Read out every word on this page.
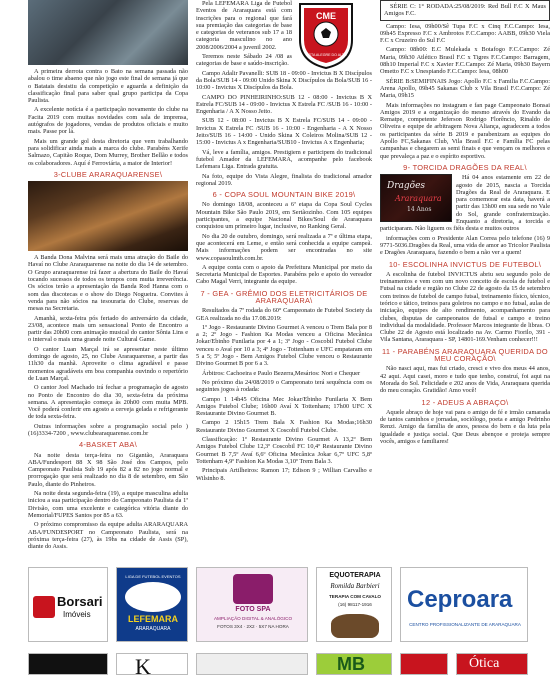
A primeira derrota contra o Bato na semana passada não abalou o time abaeno que não jogo este final de semana já que o Batatais desistiu da competição e aguarda a definição da classificação final para saber qual grupo participa da Copa Paulista.

A excelente notícia é a participação novamente do clube na Facita 2019 com muitas novidades com sala de imprensa, autógrafos de jogadores, vendas de produtos oficiais e muito mais. Passe por lá.

Mais um grande gol desta diretoria que vem trabalhando para solidificar ainda mais a marca do clube. Parabéns Xerife Salmazo, Capitão Roque, Dom Murrey, Brother Bellão e todos os colaboradores. Aquí é Ferroviária, a maior de Interior!

3-CLUBE ARARAQUARENSE\

A Banda Dona Malvina será mais uma atração do Baile do Havaí no Clube Araraquarense na noite do dia 14 de setembro. O Grupo araraquarense irá fazer a abertura do Baile do Havaí tocando sucessos de todos os tempos com muita irreverência. Os sócios terão a apresentação da Banda Rod Hanna com o som das discotecas e o show do Diego Nogueira. Convites à venda para não sócios na tesouraria do Clube, reservas de mesas na Secretaria.

Amanhã, sexta-feira pós feriado do aniversário da cidade, 23/08, acontece mais um sensacional Ponto de Encontro a partir das 20h00 com animação musical do cantor Sônia Lins e o interval o mais uma grande noite Cultural Game.

O cantor Luan Marçal irá se apresentar neste último domingo de agosto, 25, no Clube Araraquarense, a partir das 11h30 da manhã. Aproveite o clima agradável e passe momentos agradáveis em boa companhia ouvindo o repertório de Luan Marçal.

O cantor Joel Machado irá fechar a programação de agosto no Ponto de Encontro do dia 30, sexta-feira da próxima semana. A apresentação começa às 20h00 com muita MPB. Você poderá conferir em agosto a cerveja gelada e refrigerante de toda sexta-feira.

Outras informações sobre a programação social pelo )(16)3334-7200 , www.clubearaquarense.com.br

4-BASKET ABA\

Na noite desta terça-feira no Gigantão, Araraquara ABA/Fundesport 88 X 98 São José dos Campos, pelo Campeonato Paulista Sub 19 após 82 a 82 no jogo normal e prorrogação que será realizado no dia 8 de setembro, em São Paulo, diante do Pinheiros.

Na noite desta segunda-feira (19), a equipe masculina adulta iniciou a sua participação dentro do Campeonato Paulista da 1ª Divisão, com uma excelente e categórica vitória diante do Memorial/FUPES Santos por 85 a 63.

O próximo compromisso da equipe adulta ARARAQUARA ABA/FUNDESPORT no Campeonato Paulista, será na próxima terça-feira (27), às 19hs na cidade de Assis (SP), diante do Assis.

Pela LEFEMARA Liga de Futebol Eventos de Araraquara está com inscrições para o regional que fará sua premiação das categorias de base e categorias de veteranos sub 17 a 18 categoria masculino no ano 2008/2006/2004 a juvenil 2002.

Teremos neste Sábado 24 /08 as categorias de base e saúdo-inscrição.

Campo Adalir Pavanelli: SUB 18 - 09:00 - Invictus B X Discípulos da Bola/SUB 14 - 09:00 Unido Skina X Discípulos da Bola/SUB 16 - 10:00 - Invictus X Discípulos da Bola.

CAMPO DO PINHEIRINHO:SUB 12 - 08:00 - Invictus B X Estrela FC/SUB 14 - 09:00 - Invictus X Estrela FC /SUB 16 - 10:00 - Engenharia / A X Nosso Jeito.

SUB 12 - 08:00 - Invictus B X Estrela FC/SUB 14 - 09:00 - Invictus X Estrela FC /SUB 16 - 10:00 - Engenharia - A X Nosso Jeito/SUB 16 - 14:00 - Unido Skina X Coleiros Molina/SUB 12 - 15:00 - Invictus A x Engenharia/SUB10 - Invictus A x Engenharia;

Vá, leve a família, amigos. Prestigiem e participem do tradicional futebol Amador da LEFEMARA, acompanhe pelo facebook Lefemara Liga. Entrada gratuita.

Na foto, equipe do Vista Alegre, finalista do tradicional amador regional 2019.

6 - COPA SOUL MOUNTAIN BIKE 2019\

No domingo 18/08, aconteceu a 6ª etapa da Copa Soul Cycles Mountain Bike São Paulo 2019, em Sertãozinho. Com 105 equipes participantes, a equipe Nacional Bikes/Soul de Araraquara conquistou um primeiro lugar, inclusive, no Ranking Geral.

No dia 20 de outubro, domingo, será realizada a 7ª e última etapa, que acontecerá em Leme, e então será conhecida a equipe campeã. Mais informações podem ser encontradas no site www.copasoulmtb.com.br.

A equipe conta com o apoio da Prefeitura Municipal por meio da Secretaria Municipal de Esportes. Parabéns pelo e apoio do vereador Cabo Magal Verri, integrante da equipe.

7 - GEA - GRÊMIO DOS ELETRICITÁRIOS DE ARARAQUARA\

Resultados da 7ª rodada do 60° Campeonato de Futebol Society da GEA realizada no dia 17.08.2019:

1º Jogo - Restaurante Divino Gourmet A venceu o Trem Bala por 8 a 2; 2º Jogo - Fashion Ka Modas venceu a Oficina Mecânica Jokar/Ebinho Funilaria por 4 a 1; 3º Jogo - Coscobil Futebol Clube venceu o Avaí por 10 a 3; 4º Jogo - Tottenham e UFC empataram em 5 a 5; 5º Jogo - Bem Amigos Futebol Clube venceu o Restaurante Divino Gourmet B por 6 a 3.

Árbitros: Cachoeira e Paulo Bezerra,Mesários: Nori e Chequer

No próximo dia 24/08/2019 o Campeonato terá sequência com os seguintes jogos à rodada:

Campo 1 14h45 Oficina Mec Jokar/Ebinho Funilaria X Bem Amigos Futebol Clube; 16h00 Avaí X Tottenham; 17h00 UFC X Restaurante Divino Gourmet B.

Campo 2 15h15 Trem Bala X Fashion Ka Modas;16h30 Restaurante Divino Gourmet X Coscobil Futebol Clube.

Classificação: 1º Restaurante Divino Gourmet A 13,2º Bem Amigos Futebol Clube 12,3º Coscobil FC 10,4º Restaurante Divino Gourmet B 7,5º Avaí 6,6º Oficina Mecânica Jokar 6,7º UFC 5,8º Tottenham 4,9º Fashion Ka Modas 3,10º Trem Bala 3.

Principais Artilheiros: Ramon 17; Edison 9 ; Willian Carvalho e Wilsinho 8.

CME
VISTA ALEGRE DO ALTO

SÉRIE C: 1° RODADA:25/08/2019: Red Bull F.C X Maus Amigos F.C.

Campo: Iesa, 09h00/Sê Tupa F.C x Cinq F.C.Campo: Iesa, 09h45 Expresso F.C x Ambrotos F.C.Campo: AABB, 09h30 Viela F.C x Cruzeiro do Sul F.C

Campo: 08h00: E.C Mulekada x Botafogo F.C.Campo: Zé Maria, 09h30 Atlético Brasil F.C x Tigres F.C.Campo: Barragem, 08h10 Imperial F.C x Xavier F.C.Campo: Zé Maria, 09h30 Bayern Ometto F.C x Unespiando F.C.Campo: Iesa, 08h00

SÉRIE B:SEMIFINAIS Jogo: Apollo F.C x Familia F.C.Campo: Arena Apollo, 09h45 Sakanas Club x Vila Brasil F.C.Campo: Zé Maria, 09h15

Mais informações no instagram e fan page Campeonato Bonsai Amigos 2019 e a organização do mesmo através do Evando da Rematpe, competente Jeferson Rodrigo Florêncio, Rinaldo de Oliveira e equipe de arbitragem Nova Aliança, agradecem a todos os participantes da série B 2019 e parabenizam as equipes do Apollo FC,Sakanas Club, Vila Brasil F.C e Família FC pelas campanhas e chegarem as semi finais e que vençam os melhores e que prevaleça a paz e o espírito esportivo.

9- TORCIDA DRAGÕES DA REAL\
Dragões
Araraquara
14 Anos

Há 04 anos estamente em 22 de agosto de 2015, nascia a Torcida Dragões da Real de Araraquara. E para comemorar esta data, haverá a partir das 13h00 em sua sede no Vale do Sol, grande confraternização. Enquanto a diretoria, a torcida e participaram. Não liguem os fiéis desta e muitos outros

informações com o Presidente Alan Correa pelo telefone (16) 9 9771-5036.Dragões da Real, uma vida de amor ao Tricolor Paulista e Dragões Araraquara, fazendo o bem a não ver a quem!

10- ESCOLINHA INVICTUS DE FUTEBOL\

A escolinha de futebol INVICTUS abriu seu segundo polo de treinamentos e vem com um novo conceito de escola de futebol e Futsal na cidade e região no Clube 22 de agosto da 15 de setembro com treinos de futebol de campo futsal, treinamento físico, técnico, teórico e tático, treinos para goleiros no campo e no futsal, aulas de iniciação, equipes de alto rendimento, acompanhamento para clubes, disputas de campeonatos de futsal e campo e treino individual da modalidade. Professor Marcos integrante de libras. O Clube 22 de Agosto está localizado na Av. Carmo Fiorilo, 391 - Vila Santana, Araraquara - SP, 14801-169.Venham conhecer!!!

11 - PARABÉNS ARARAQUARA QUERIDA DO MEU CORAÇÃO\

Não nasci aqui, mas fui criado, cresci e vivo dos meus 44 anos, 42 aqui. Aqui casei, moro e tudo que tenho, construí, foi aqui na Morada do Sol. Felicidade e 202 anos de Vida, Araraquara querida do meu coração. Gratidão! Amo você!

12 - ADEUS A ABRAÇO\

Aquele abraço de hoje vai para o amigo de fé e irmão camarada de tantos caminhos e jornadas, sociólogo, poeta e amigo Pedrinho Renzi. Amigo da família de anos, pessoa do bem e da luta pela igualdade e justiça social. Que Deus abençoe e proteja sempre vocês, amigos e familiares!

Borsari
Imóveis
LIGA DE FUTEBOL EVENTOS
LEFEMARA
ARARAQUARA
FOTO SPA
AMPLIAÇÃO DIGITAL & ANALÓGICO
FOTOS 3X4 · 2X2 · 5X7 NA HORA
EQUOTERAPIA
Romilda Barbieri
TERAPIA COM CAVALO
(16) 98117-1916	Ceproara
CENTRO PROFISSIONALIZANTE DE ARARAQUARA
K	MB	Ótica
